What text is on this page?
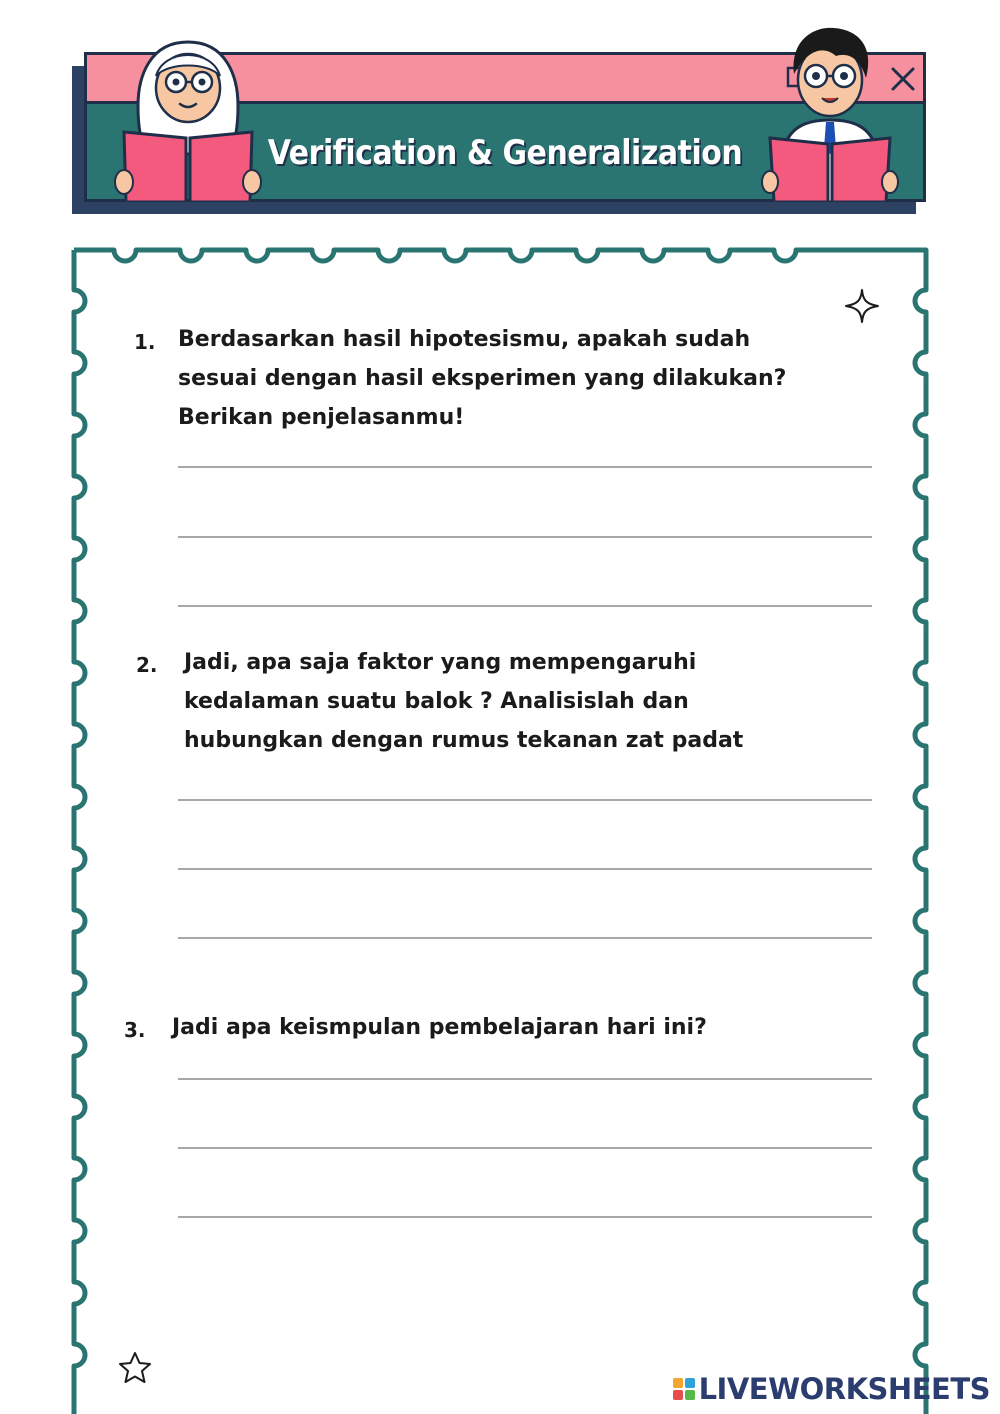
Verification & Generalization
1. Berdasarkan hasil hipotesismu, apakah sudah
sesuai dengan hasil eksperimen yang dilakukan?
Berikan penjelasanmu!
2. Jadi, apa saja faktor yang mempengaruhi
kedalaman suatu balok ? Analisislah dan
hubungkan dengan rumus tekanan zat padat
3. Jadi apa keismpulan pembelajaran hari ini?
LIVEWORKSHEETS
